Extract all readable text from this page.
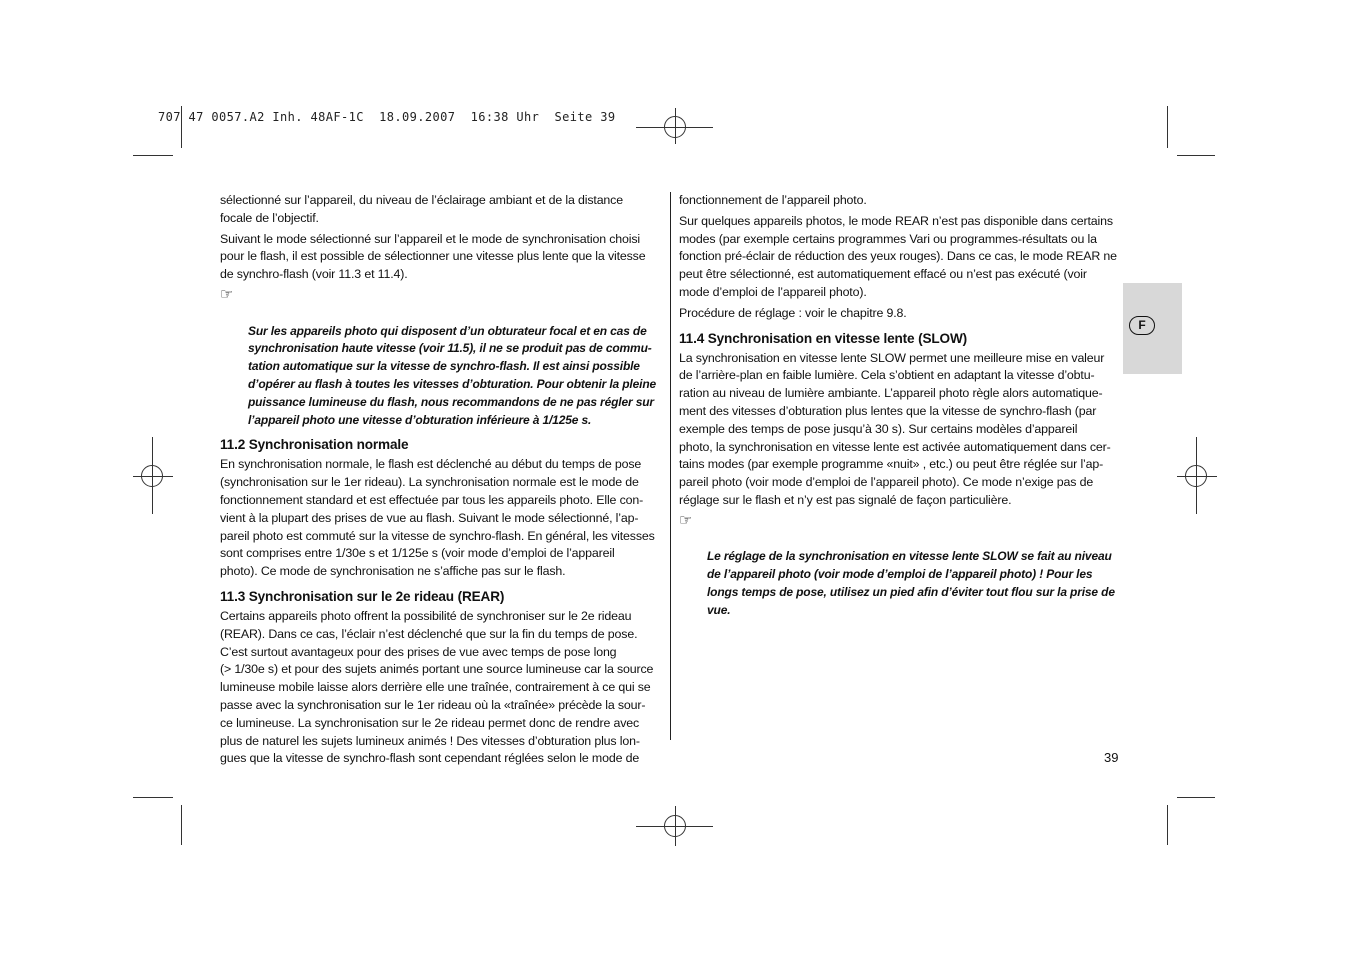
707 47 0057.A2 Inh. 48AF-1C  18.09.2007  16:38 Uhr  Seite 39

sélectionné sur l’appareil, du niveau de l’éclairage ambiant et de la distance
focale de l’objectif.

Suivant le mode sélectionné sur l’appareil et le mode de synchronisation choisi
pour le flash, il est possible de sélectionner une vitesse plus lente que la vitesse
de synchro-flash (voir 11.3 et 11.4).

☞

Sur les appareils photo qui disposent d’un obturateur focal et en cas de
synchronisation haute vitesse (voir 11.5), il ne se produit pas de commu-
tation automatique sur la vitesse de synchro-flash. Il est ainsi possible
d’opérer au flash à toutes les vitesses d’obturation. Pour obtenir la pleine
puissance lumineuse du flash, nous recommandons de ne pas régler sur
l’appareil photo une vitesse d’obturation inférieure à 1/125e s.

11.2 Synchronisation normale

En synchronisation normale, le flash est déclenché au début du temps de pose
(synchronisation sur le 1er rideau). La synchronisation normale est le mode de
fonctionnement standard et est effectuée par tous les appareils photo. Elle con-
vient à la plupart des prises de vue au flash. Suivant le mode sélectionné, l’ap-
pareil photo est commuté sur la vitesse de synchro-flash. En général, les vitesses
sont comprises entre 1/30e s et 1/125e s (voir mode d’emploi de l’appareil
photo). Ce mode de synchronisation ne s’affiche pas sur le flash.

11.3 Synchronisation sur le 2e rideau (REAR)

Certains appareils photo offrent la possibilité de synchroniser sur le 2e rideau
(REAR). Dans ce cas, l’éclair n’est déclenché que sur la fin du temps de pose.
C’est surtout avantageux pour des prises de vue avec temps de pose long
(> 1/30e s) et pour des sujets animés portant une source lumineuse car la source
lumineuse mobile laisse alors derrière elle une traînée, contrairement à ce qui se
passe avec la synchronisation sur le 1er rideau où la «traînée» précède la sour-
ce lumineuse. La synchronisation sur le 2e rideau permet donc de rendre avec
plus de naturel les sujets lumineux animés ! Des vitesses d’obturation plus lon-
gues que la vitesse de synchro-flash sont cependant réglées selon le mode de

fonctionnement de l’appareil photo.

Sur quelques appareils photos, le mode REAR n’est pas disponible dans certains
modes (par exemple certains programmes Vari ou programmes-résultats ou la
fonction pré-éclair de réduction des yeux rouges). Dans ce cas, le mode REAR ne
peut être sélectionné, est automatiquement effacé ou n’est pas exécuté (voir
mode d’emploi de l’appareil photo).

Procédure de réglage : voir le chapitre 9.8.

11.4 Synchronisation en vitesse lente (SLOW)

La synchronisation en vitesse lente SLOW permet une meilleure mise en valeur
de l’arrière-plan en faible lumière. Cela s’obtient en adaptant la vitesse d’obtu-
ration au niveau de lumière ambiante. L’appareil photo règle alors automatique-
ment des vitesses d’obturation plus lentes que la vitesse de synchro-flash (par
exemple des temps de pose jusqu’à 30 s). Sur certains modèles d’appareil
photo, la synchronisation en vitesse lente est activée automatiquement dans cer-
tains modes (par exemple programme «nuit» , etc.) ou peut être réglée sur l’ap-
pareil photo (voir mode d’emploi de l’appareil photo). Ce mode n’exige pas de
réglage sur le flash et n’y est pas signalé de façon particulière.

☞

Le réglage de la synchronisation en vitesse lente SLOW se fait au niveau
de l’appareil photo (voir mode d’emploi de l’appareil photo) ! Pour les
longs temps de pose, utilisez un pied afin d’éviter tout flou sur la prise de
vue.

F
39
